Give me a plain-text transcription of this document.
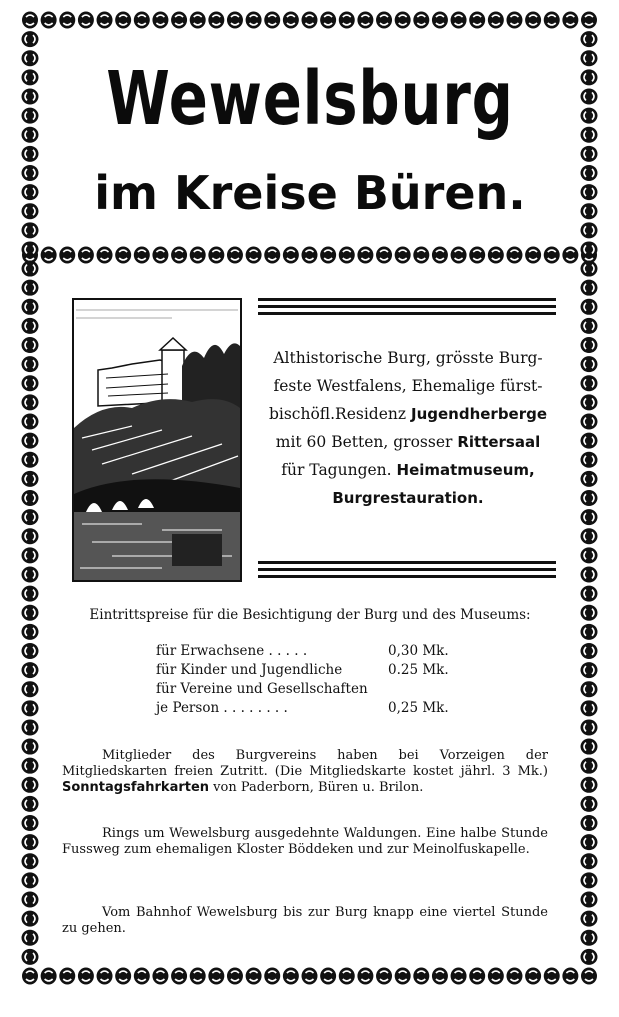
Wewelsburg
im Kreise Büren.

Althistorische Burg, grösste Burg-
feste Westfalens, Ehemalige fürst-
bischöfl.Residenz Jugendherberge
mit 60 Betten, grosser Rittersaal
für Tagungen. Heimatmuseum,
Burgrestauration.

Eintrittspreise für die Besichtigung der Burg und des Museums:

für Erwachsene . . . . .	0,30 Mk.
für Kinder und Jugendliche	0.25 Mk.
für Vereine und Gesellschaften	
je Person . . . . . . . .	0,25 Mk.

Mitglieder des Burgvereins haben bei Vorzeigen der Mitgliedskarten freien Zutritt. (Die Mitgliedskarte kostet jährl. 3 Mk.) Sonntagsfahrkarten von Paderborn, Büren u. Brilon.

Rings um Wewelsburg ausgedehnte Waldungen. Eine halbe Stunde Fussweg zum ehemaligen Kloster Böddeken und zur Meinolfuskapelle.

Vom Bahnhof Wewelsburg bis zur Burg knapp eine viertel Stunde zu gehen.
